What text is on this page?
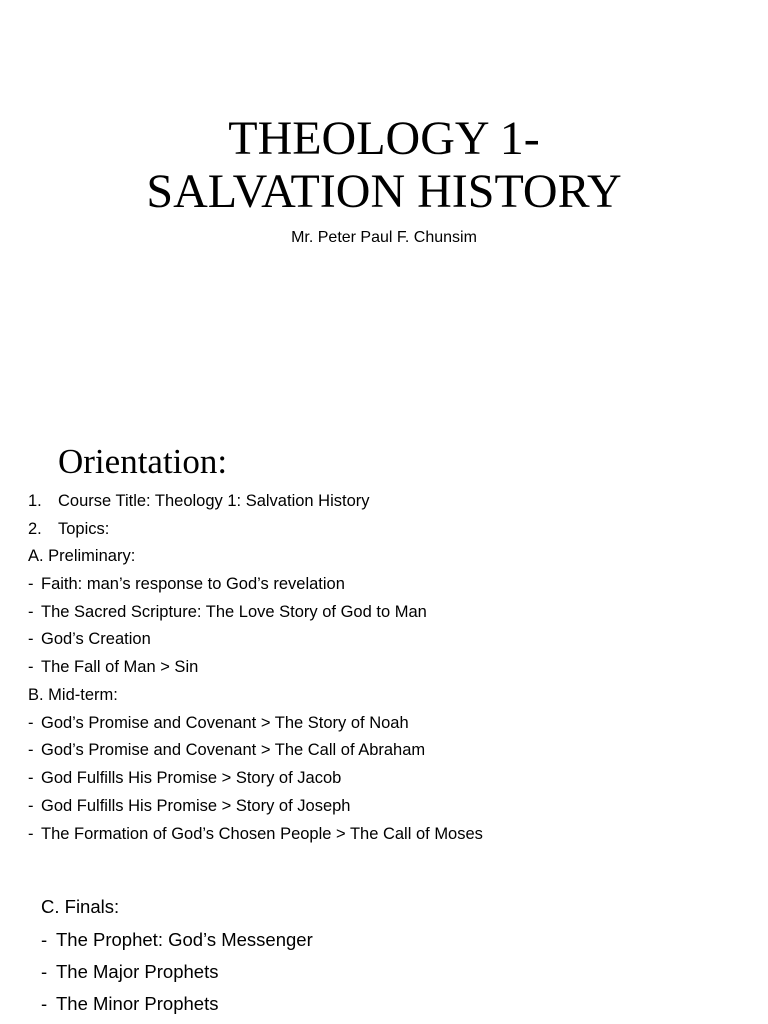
THEOLOGY 1-
SALVATION HISTORY
Mr. Peter Paul F. Chunsim
Orientation:
1. Course Title: Theology 1: Salvation History
2. Topics:
A. Preliminary:
- Faith: man’s response to God’s revelation
- The Sacred Scripture: The Love Story of God to Man
- God’s Creation
- The Fall of Man > Sin
B. Mid-term:
- God’s Promise and Covenant > The Story of Noah
- God’s Promise and Covenant > The Call of Abraham
- God Fulfills His Promise > Story of Jacob
- God Fulfills His Promise > Story of Joseph
- The Formation of God’s Chosen People > The Call of Moses
C. Finals:
- The Prophet: God’s Messenger
- The Major Prophets
- The Minor Prophets
